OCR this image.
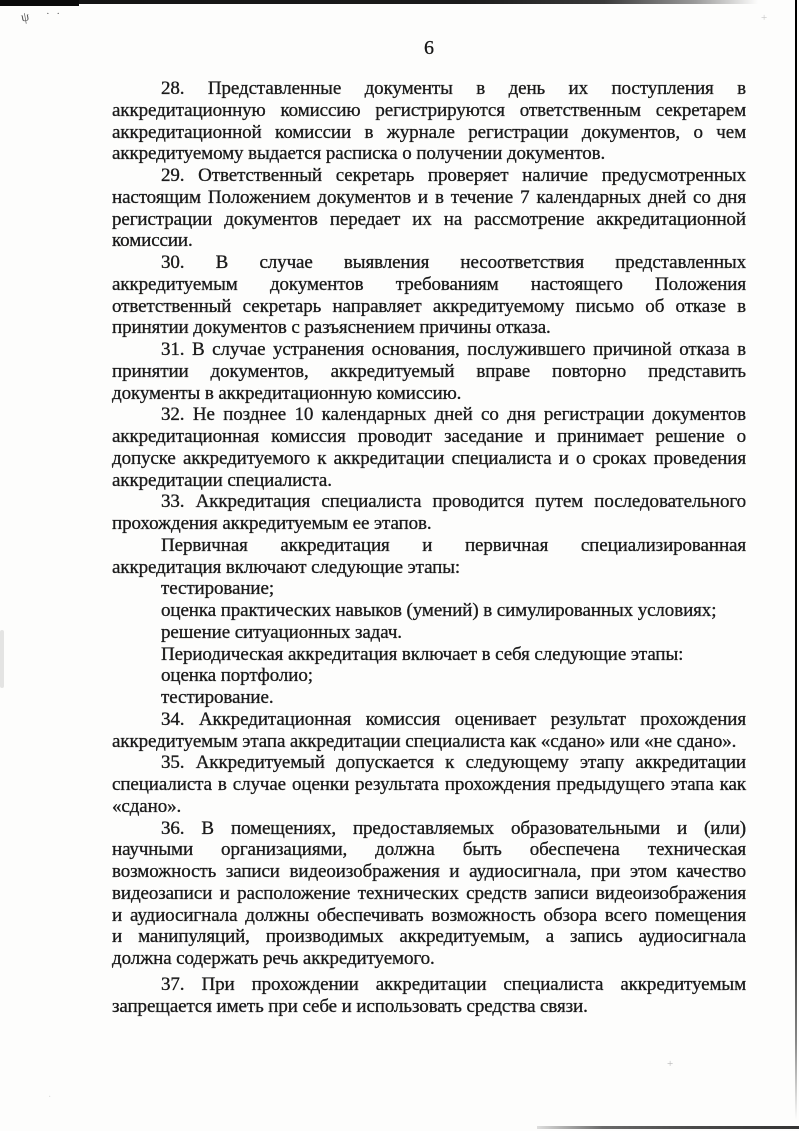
ψ · ·	+
+
·
6
28. Представленные документы в день их поступления в
аккредитационную комиссию регистрируются ответственным секретарем
аккредитационной комиссии в журнале регистрации документов, о чем
аккредитуемому выдается расписка о получении документов.
29. Ответственный секретарь проверяет наличие предусмотренных
настоящим Положением документов и в течение 7 календарных дней со дня
регистрации документов передает их на рассмотрение аккредитационной
комиссии.
30. В случае выявления несоответствия представленных
аккредитуемым документов требованиям настоящего Положения
ответственный секретарь направляет аккредитуемому письмо об отказе в
принятии документов с разъяснением причины отказа.
31. В случае устранения основания, послужившего причиной отказа в
принятии документов, аккредитуемый вправе повторно представить
документы в аккредитационную комиссию.
32. Не позднее 10 календарных дней со дня регистрации документов
аккредитационная комиссия проводит заседание и принимает решение о
допуске аккредитуемого к аккредитации специалиста и о сроках проведения
аккредитации специалиста.
33. Аккредитация специалиста проводится путем последовательного
прохождения аккредитуемым ее этапов.
Первичная аккредитация и первичная специализированная
аккредитация включают следующие этапы:
тестирование;
оценка практических навыков (умений) в симулированных условиях;
решение ситуационных задач.
Периодическая аккредитация включает в себя следующие этапы:
оценка портфолио;
тестирование.
34. Аккредитационная комиссия оценивает результат прохождения
аккредитуемым этапа аккредитации специалиста как «сдано» или «не сдано».
35. Аккредитуемый допускается к следующему этапу аккредитации
специалиста в случае оценки результата прохождения предыдущего этапа как
«сдано».
36. В помещениях, предоставляемых образовательными и (или)
научными организациями, должна быть обеспечена техническая
возможность записи видеоизображения и аудиосигнала, при этом качество
видеозаписи и расположение технических средств записи видеоизображения
и аудиосигнала должны обеспечивать возможность обзора всего помещения
и манипуляций, производимых аккредитуемым, а запись аудиосигнала
должна содержать речь аккредитуемого.
37. При прохождении аккредитации специалиста аккредитуемым
запрещается иметь при себе и использовать средства связи.
